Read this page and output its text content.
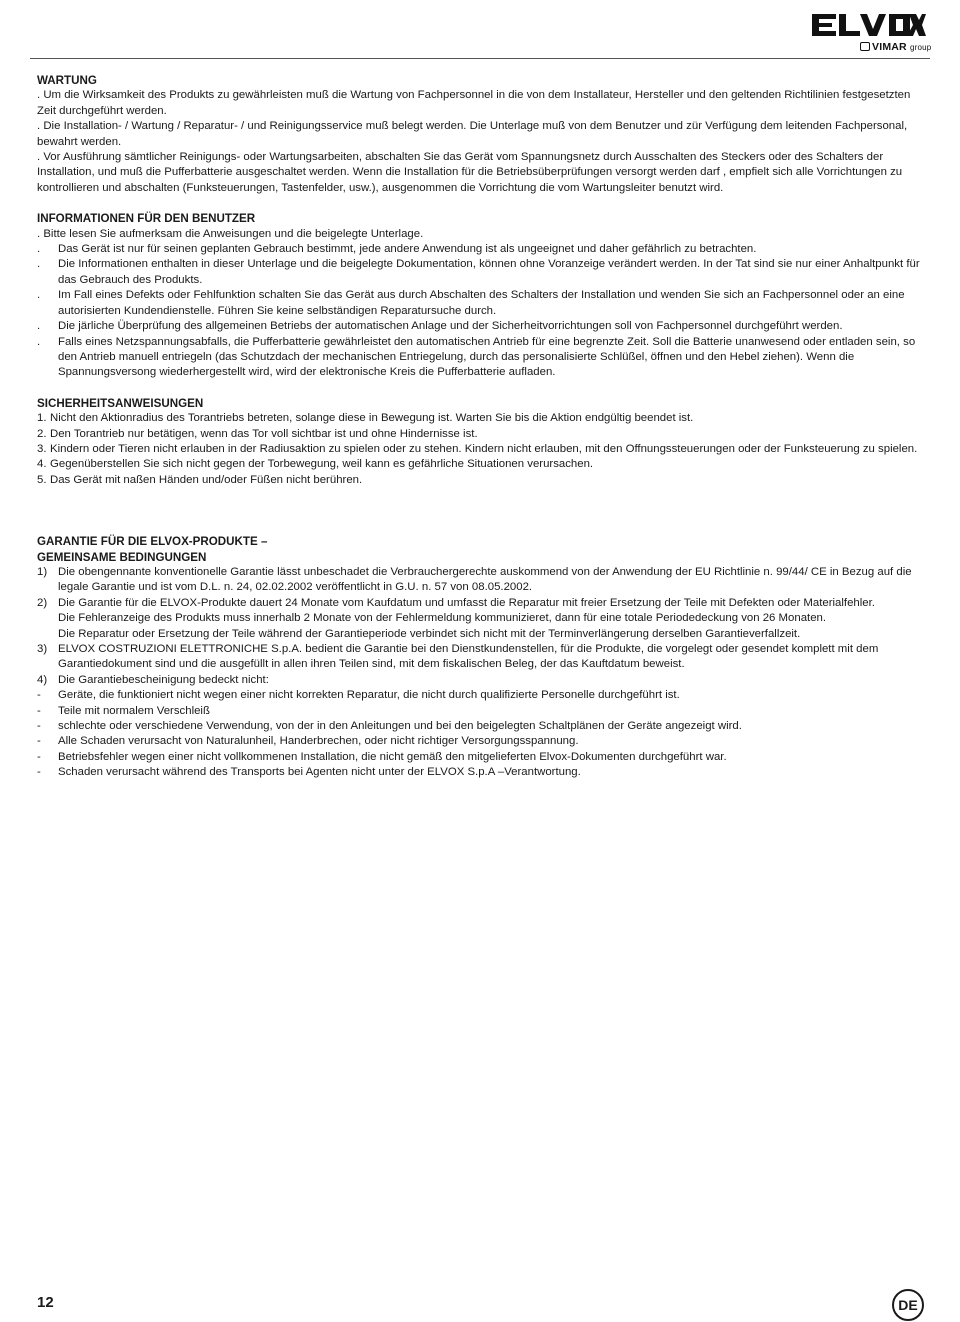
VIMAR group
WARTUNG
. Um die Wirksamkeit des Produkts zu gewährleisten muß die Wartung von Fachpersonnel in die von dem Installateur, Hersteller und den geltenden Richtilinien festgesetzten Zeit durchgeführt werden.
. Die Installation- / Wartung / Reparatur- / und Reinigungsservice muß belegt werden. Die Unterlage muß von dem Benutzer und zür Verfügung dem leitenden Fachpersonal, bewahrt werden.
. Vor Ausführung sämtlicher Reinigungs- oder Wartungsarbeiten, abschalten Sie das Gerät vom Spannungsnetz durch Ausschalten des Steckers oder des Schalters der Installation, und muß die Pufferbatterie ausgeschaltet werden. Wenn die Installation für die Betriebsüberprüfungen versorgt werden darf , empfielt sich alle Vorrichtungen zu kontrollieren und abschalten (Funksteuerungen, Tastenfelder, usw.), ausgenommen die Vorrichtung die vom Wartungsleiter benutzt wird.
INFORMATIONEN FÜR DEN BENUTZER
. Bitte lesen Sie aufmerksam die Anweisungen und die beigelegte Unterlage.
.	Das Gerät ist nur für seinen geplanten Gebrauch bestimmt, jede andere Anwendung ist als ungeeignet und daher gefährlich zu betrachten.
.	Die Informationen enthalten in dieser Unterlage und die beigelegte Dokumentation, können ohne Voranzeige verändert werden. In der Tat sind sie nur einer Anhaltpunkt für das Gebrauch des Produkts.
.	Im Fall eines Defekts oder Fehlfunktion schalten Sie das Gerät aus durch Abschalten des Schalters der Installation und wenden Sie sich an Fachpersonnel oder an eine autorisierten Kundendienstelle. Führen Sie keine selbständigen Reparatursuche durch.
.	Die järliche Überprüfung des allgemeinen Betriebs der automatischen Anlage und der Sicherheitvorrichtungen soll von Fachpersonnel durchgeführt werden.
.	Falls eines Netzspannungsabfalls, die Pufferbatterie gewährleistet den automatischen Antrieb für eine begrenzte Zeit. Soll die Batterie unanwesend oder entladen sein, so den Antrieb manuell entriegeln (das Schutzdach der mechanischen Entriegelung, durch das personalisierte Schlüßel, öffnen und den Hebel ziehen). Wenn die Spannungsversong wiederhergestellt wird, wird der elektronische Kreis die Pufferbatterie aufladen.
SICHERHEITSANWEISUNGEN
1. Nicht den Aktionradius des Torantriebs betreten, solange diese in Bewegung ist. Warten Sie bis die Aktion endgültig beendet ist.
2. Den Torantrieb nur betätigen, wenn das Tor voll sichtbar ist und ohne Hindernisse ist.
3. Kindern oder Tieren nicht erlauben in der Radiusaktion zu spielen oder zu stehen. Kindern nicht erlauben, mit den Offnungssteuerungen oder der Funksteuerung zu spielen.
4. Gegenüberstellen Sie sich nicht gegen der Torbewegung, weil kann es gefährliche Situationen verursachen.
5. Das Gerät mit naßen Händen und/oder Füßen nicht berühren.
GARANTIE FÜR DIE ELVOX-PRODUKTE –
GEMEINSAME BEDINGUNGEN
1) Die obengennante konventionelle Garantie lässt unbeschadet die Verbrauchergerechte auskommend von der Anwendung der EU Richtlinie n. 99/44/ CE in Bezug auf die legale Garantie und ist vom D.L. n. 24, 02.02.2002 veröffentlicht in G.U. n. 57 von 08.05.2002.
2) Die Garantie für die ELVOX-Produkte dauert 24 Monate vom Kaufdatum und umfasst die Reparatur mit freier Ersetzung der Teile mit Defekten oder Materialfehler.
Die Fehleranzeige des Produkts muss innerhalb 2 Monate von der Fehlermeldung kommunizieret, dann für eine totale Periodedeckung von 26 Monaten.
Die Reparatur oder Ersetzung der Teile während der Garantieperiode verbindet sich nicht mit der Terminverlängerung derselben Garantieverfallzeit.
3) ELVOX COSTRUZIONI ELETTRONICHE S.p.A. bedient die Garantie bei den Dienstkundenstellen, für die Produkte, die vorgelegt oder gesendet komplett mit dem Garantiedokument sind und die ausgefüllt in allen ihren Teilen sind, mit dem fiskalischen Beleg, der das Kauftdatum beweist.
4) Die Garantiebescheinigung bedeckt nicht:
-	Geräte, die funktioniert nicht wegen einer nicht korrekten Reparatur, die nicht durch qualifizierte Personelle durchgeführt ist.
-	Teile mit normalem Verschleiß
-	schlechte oder verschiedene Verwendung, von der in den Anleitungen und bei den beigelegten Schaltplänen der Geräte angezeigt wird.
-	Alle Schaden verursacht von Naturalunheil, Handerbrechen, oder nicht richtiger Versorgungsspannung.
-	Betriebsfehler wegen einer nicht vollkommenen Installation, die nicht gemäß den mitgelieferten Elvox-Dokumenten durchgeführt war.
-	Schaden verursacht während des Transports bei Agenten nicht unter der ELVOX S.p.A –Verantwortung.
12	DE
